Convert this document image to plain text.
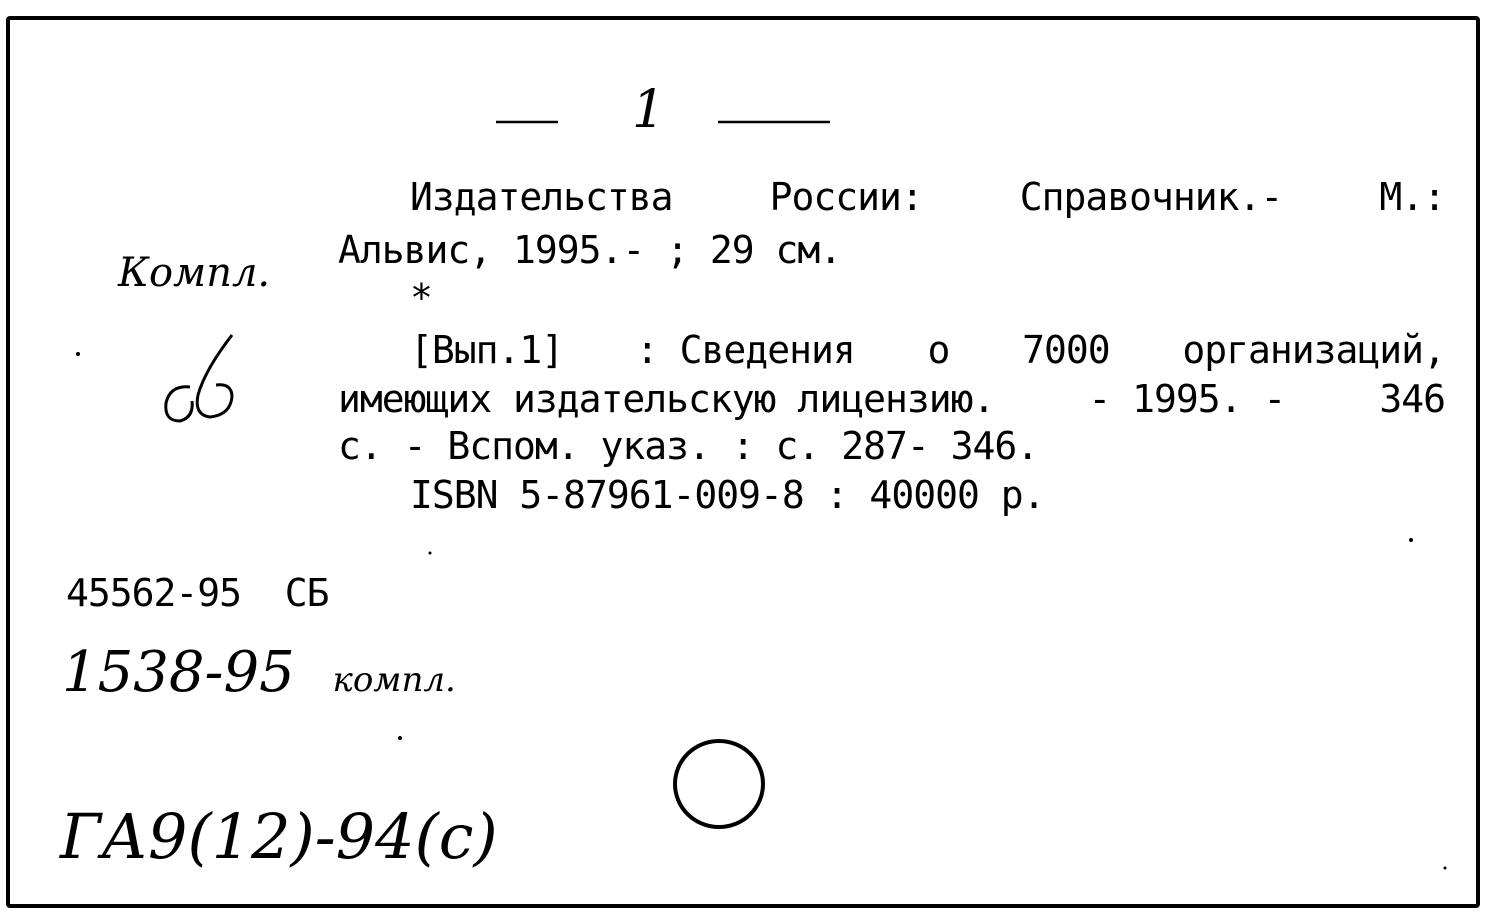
1
Издательства	России:	Справочник.-	М.:
Альвис, 1995.- ; 29 см.
*
[Вып.1] : Сведения о 7000 организаций,
имеющих издательскую лицензию. - 1995. - 346
с. - Вспом. указ. : с. 287- 346.
ISBN 5-87961-009-8 : 40000 р.
45562-95  СБ
Компл.
1538-95 компл.
ГА9(12)-94(с)
